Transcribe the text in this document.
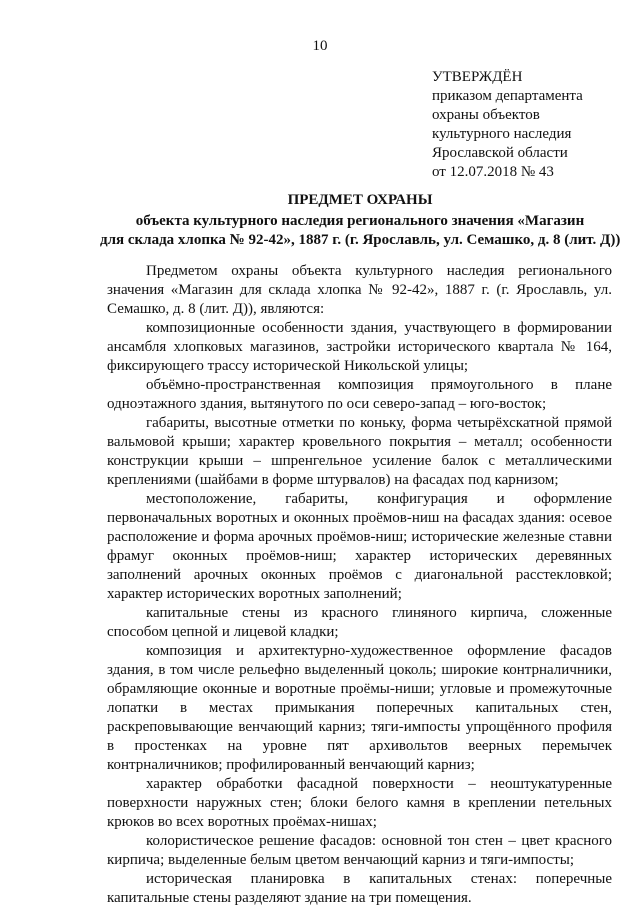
10
УТВЕРЖДЁН
приказом департамента
охраны объектов
культурного наследия
Ярославской области
от 12.07.2018 № 43
ПРЕДМЕТ ОХРАНЫ
объекта культурного наследия регионального значения «Магазин
для склада хлопка № 92-42», 1887 г. (г. Ярославль, ул. Семашко, д. 8 (лит. Д))

Предметом охраны объекта культурного наследия регионального значения «Магазин для склада хлопка № 92-42», 1887 г. (г. Ярославль, ул. Семашко, д. 8 (лит. Д)), являются:

композиционные особенности здания, участвующего в формировании ансамбля хлопковых магазинов, застройки исторического квартала № 164, фиксирующего трассу исторической Никольской улицы;

объёмно-пространственная композиция прямоугольного в плане одноэтажного здания, вытянутого по оси северо-запад – юго-восток;

габариты, высотные отметки по коньку, форма четырёхскатной прямой вальмовой крыши; характер кровельного покрытия – металл; особенности конструкции крыши – шпренгельное усиление балок с металлическими креплениями (шайбами в форме штурвалов) на фасадах под карнизом;

местоположение, габариты, конфигурация и оформление первоначальных воротных и оконных проёмов-ниш на фасадах здания: осевое расположение и форма арочных проёмов-ниш; исторические железные ставни фрамуг оконных проёмов-ниш; характер исторических деревянных заполнений арочных оконных проёмов с диагональной расстекловкой; характер исторических воротных заполнений;

капитальные стены из красного глиняного кирпича, сложенные способом цепной и лицевой кладки;

композиция и архитектурно-художественное оформление фасадов здания, в том числе рельефно выделенный цоколь; широкие контрналичники, обрамляющие оконные и воротные проёмы-ниши; угловые и промежуточные лопатки в местах примыкания поперечных капитальных стен, раскреповывающие венчающий карниз; тяги-импосты упрощённого профиля в простенках на уровне пят архивольтов веерных перемычек контрналичников; профилированный венчающий карниз;

характер обработки фасадной поверхности – неоштукатуренные поверхности наружных стен; блоки белого камня в креплении петельных крюков во всех воротных проёмах-нишах;

колористическое решение фасадов: основной тон стен – цвет красного кирпича; выделенные белым цветом венчающий карниз и тяги-импосты;

историческая планировка в капитальных стенах: поперечные капитальные стены разделяют здание на три помещения.
